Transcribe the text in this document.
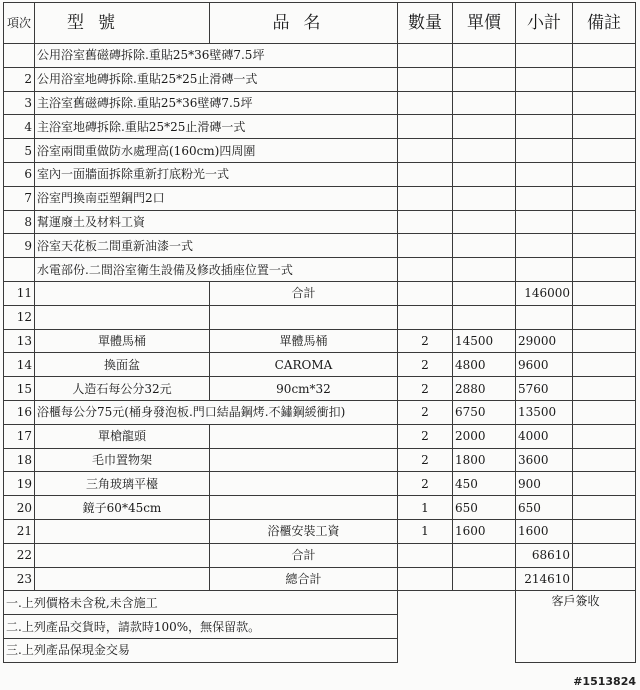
項次	型號	品名	數量	單價	小計	備註
	公用浴室舊磁磚拆除.重貼25*36壁磚7.5坪					
2	公用浴室地磚拆除.重貼25*25止滑磚一式					
3	主浴室舊磁磚拆除.重貼25*36壁磚7.5坪					
4	主浴室地磚拆除.重貼25*25止滑磚一式					
5	浴室兩間重做防水處理高(160cm)四周圍					
6	室內一面牆面拆除重新打底粉光一式					
7	浴室門換南亞塑鋼門2口					
8	幫運廢土及材料工資					
9	浴室天花板二間重新油漆一式					
	水電部份.二間浴室衛生設備及修改插座位置一式					
11		合計			146000	
12						
13	單體馬桶	單體馬桶	2	14500	29000	
14	換面盆	CAROMA	2	4800	9600	
15	人造石每公分32元	90cm*32	2	2880	5760	
16	浴櫃每公分75元(桶身發泡板.門口結晶鋼烤.不鏽鋼緩衝扣)		2	6750	13500	
17	單槍龍頭		2	2000	4000	
18	毛巾置物架		2	1800	3600	
19	三角玻璃平檯		2	450	900	
20	鏡子60*45cm		1	650	650	
21		浴櫃安裝工資	1	1600	1600	
22		合計			68610	
23		總合計			214610	
一.上列價格未含稅,未含施工					客戶簽收	
二.上列產品交貨時，請款時100%，無保留款。						
三.上列產品保現金交易						
#1513824
